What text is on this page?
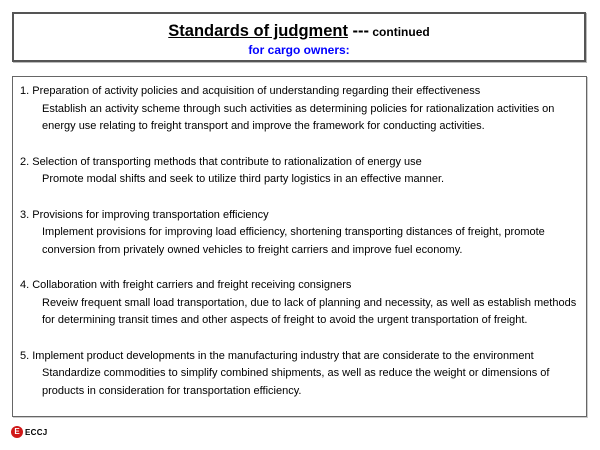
Standards of judgment --- continued
for cargo owners:
1. Preparation of activity policies and acquisition of understanding regarding their effectiveness
Establish an activity scheme through such activities as determining policies for rationalization activities on energy use relating to freight transport and improve the framework for conducting activities.
2. Selection of transporting methods that contribute to rationalization of energy use
Promote modal shifts and seek to utilize third party logistics in an effective manner.
3. Provisions for improving transportation efficiency
Implement provisions for improving load efficiency, shortening transporting distances of freight, promote conversion from privately owned vehicles to freight carriers and improve fuel economy.
4. Collaboration with freight carriers and freight receiving consigners
Reveiw frequent small load transportation, due to lack of planning and necessity, as well as establish methods for determining transit times and other aspects of freight to avoid the urgent transportation of freight.
5. Implement product developments in the manufacturing industry that are considerate to the environment
Standardize commodities to simplify combined shipments, as well as reduce the weight or dimensions of products in consideration for transportation efficiency.
E ECCJ
